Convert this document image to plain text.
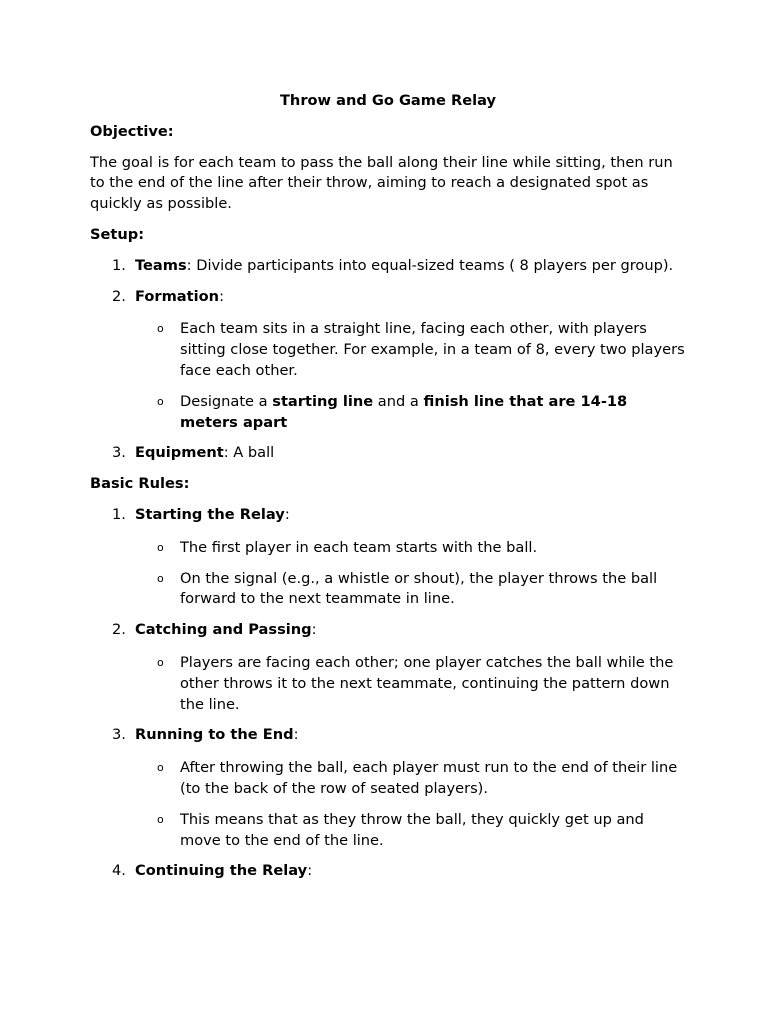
Throw and Go Game Relay
Objective:
The goal is for each team to pass the ball along their line while sitting, then run to the end of the line after their throw, aiming to reach a designated spot as quickly as possible.
Setup:
1. Teams: Divide participants into equal-sized teams ( 8 players per group).
2. Formation:
o Each team sits in a straight line, facing each other, with players sitting close together. For example, in a team of 8, every two players face each other.
o Designate a starting line and a finish line that are 14-18 meters apart
3. Equipment: A ball
Basic Rules:
1. Starting the Relay:
o The first player in each team starts with the ball.
o On the signal (e.g., a whistle or shout), the player throws the ball forward to the next teammate in line.
2. Catching and Passing:
o Players are facing each other; one player catches the ball while the other throws it to the next teammate, continuing the pattern down the line.
3. Running to the End:
o After throwing the ball, each player must run to the end of their line (to the back of the row of seated players).
o This means that as they throw the ball, they quickly get up and move to the end of the line.
4. Continuing the Relay:
